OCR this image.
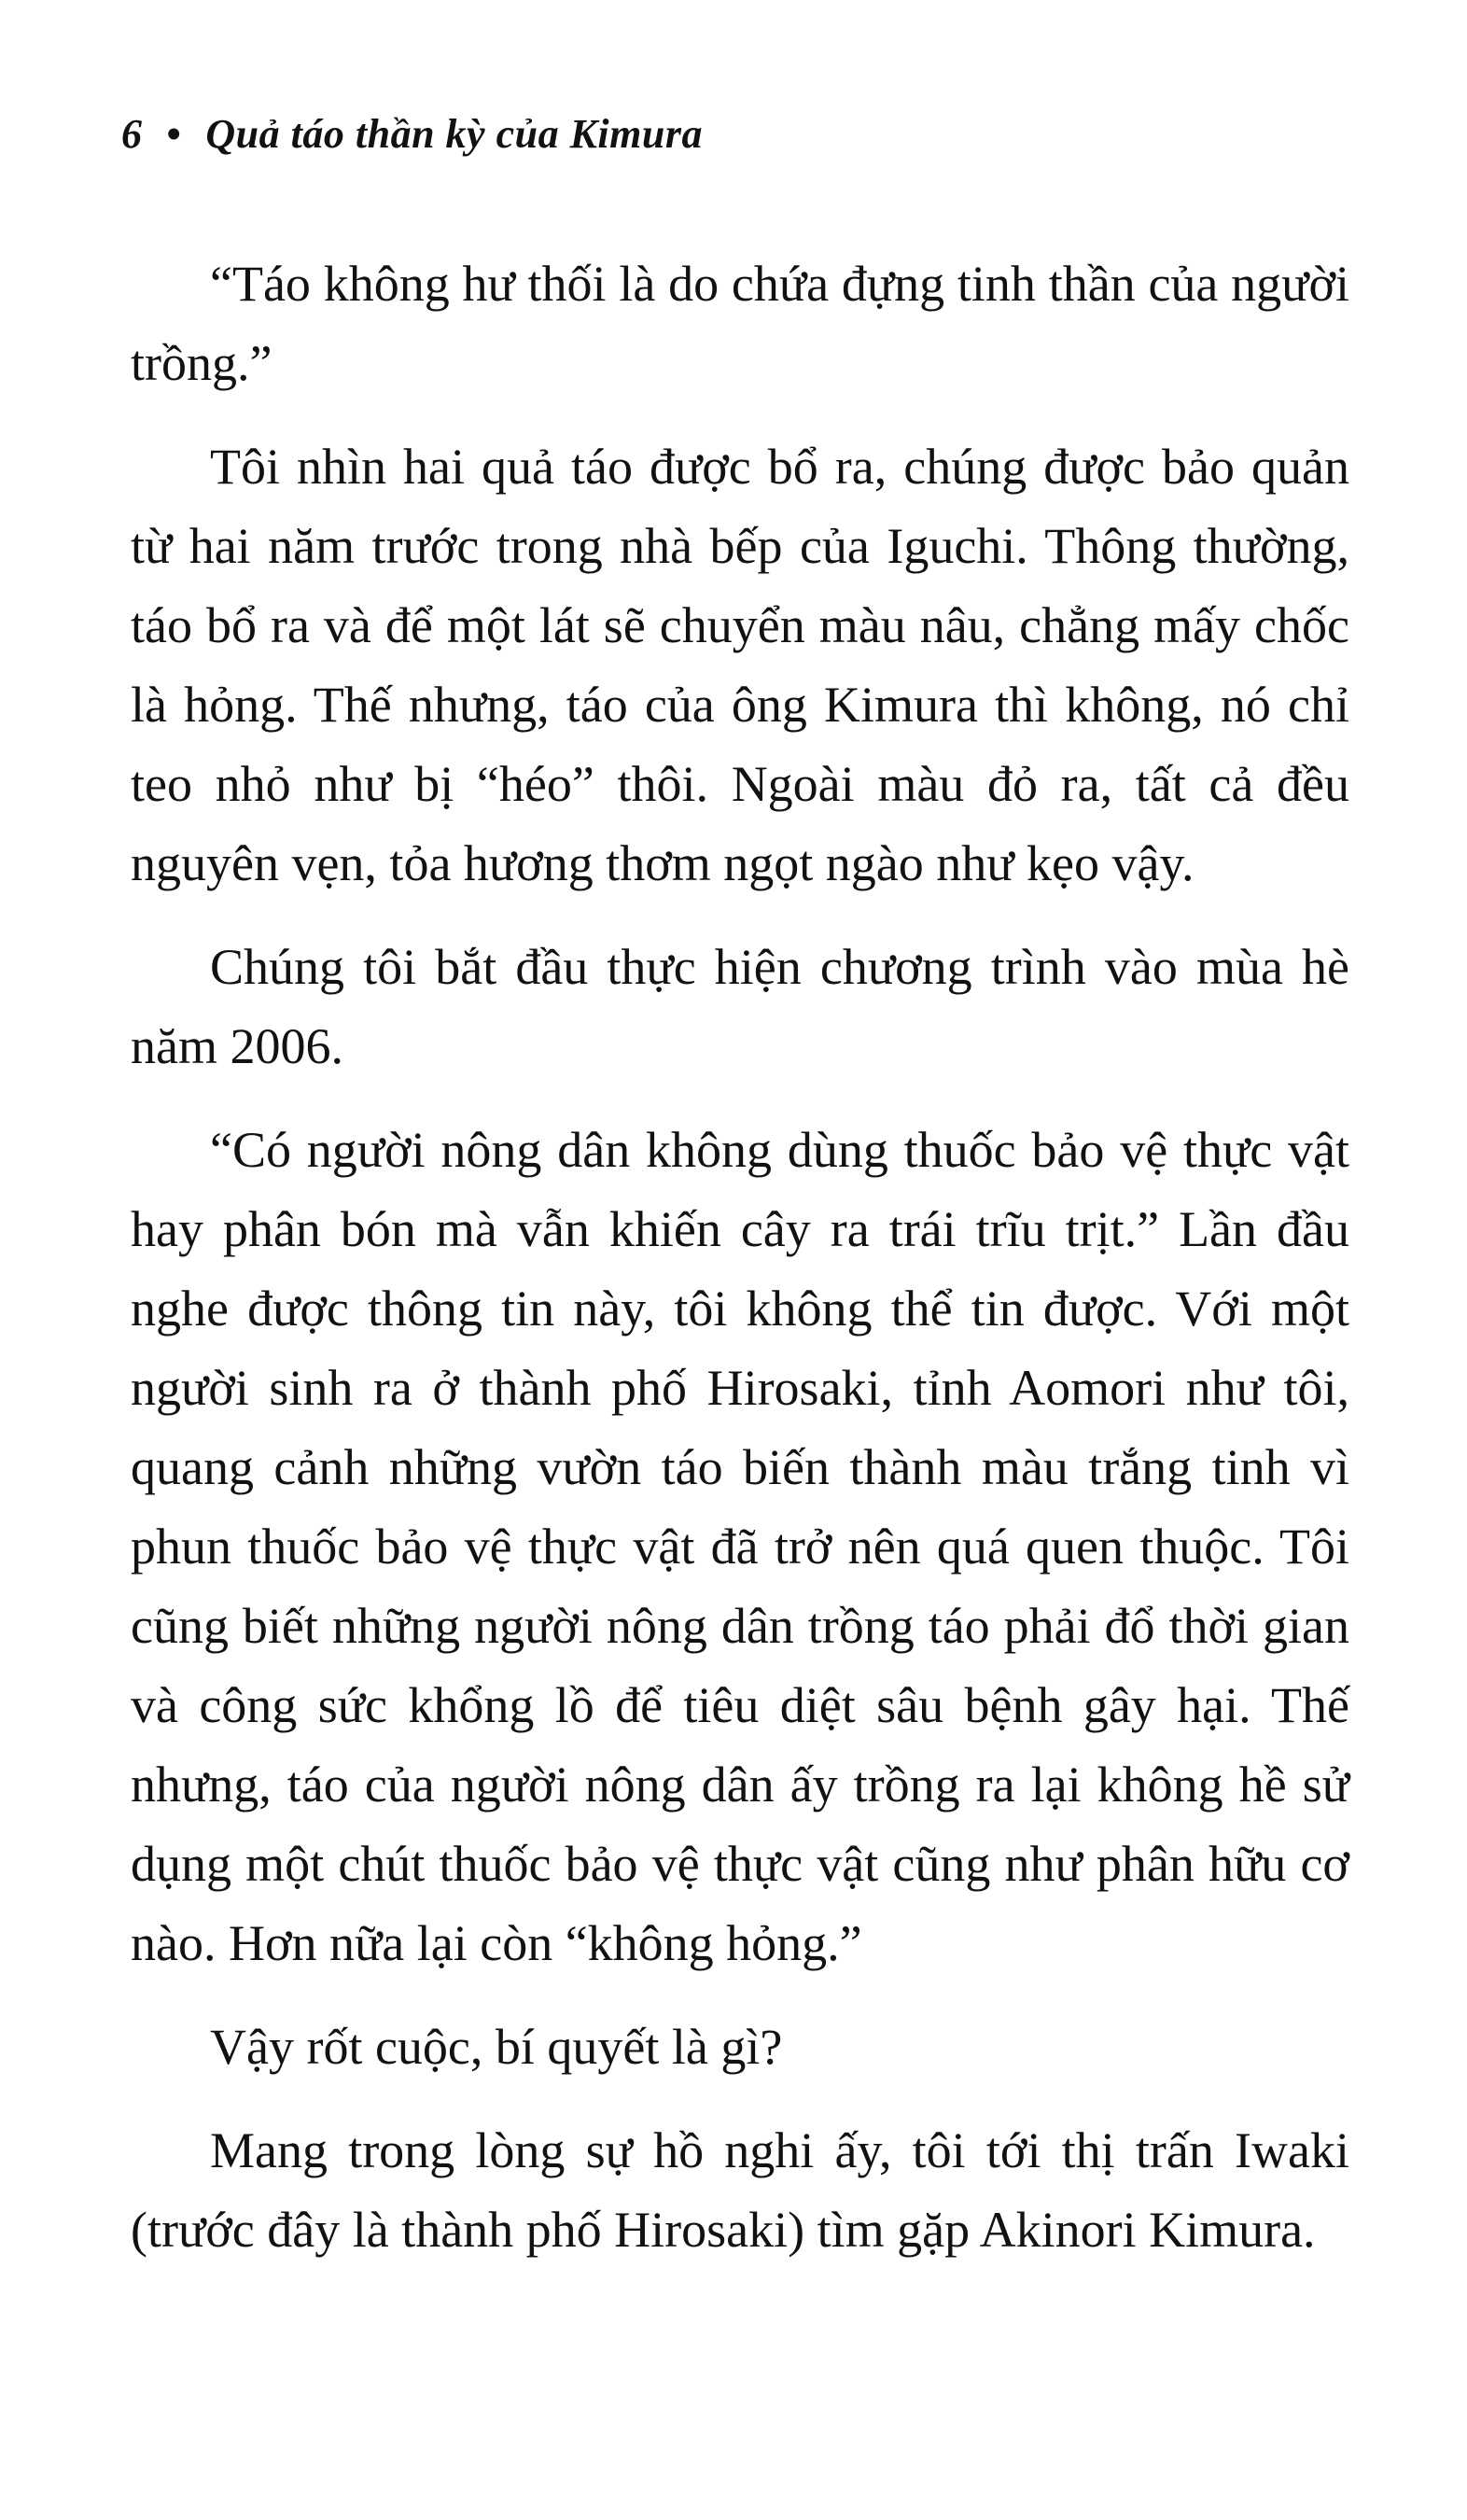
6 • Quả táo thần kỳ của Kimura

“Táo không hư thối là do chứa đựng tinh thần của người trồng.”

Tôi nhìn hai quả táo được bổ ra, chúng được bảo quản từ hai năm trước trong nhà bếp của Iguchi. Thông thường, táo bổ ra và để một lát sẽ chuyển màu nâu, chẳng mấy chốc là hỏng. Thế nhưng, táo của ông Kimura thì không, nó chỉ teo nhỏ như bị “héo” thôi. Ngoài màu đỏ ra, tất cả đều nguyên vẹn, tỏa hương thơm ngọt ngào như kẹo vậy.

Chúng tôi bắt đầu thực hiện chương trình vào mùa hè năm 2006.

“Có người nông dân không dùng thuốc bảo vệ thực vật hay phân bón mà vẫn khiến cây ra trái trĩu trịt.” Lần đầu nghe được thông tin này, tôi không thể tin được. Với một người sinh ra ở thành phố Hirosaki, tỉnh Aomori như tôi, quang cảnh những vườn táo biến thành màu trắng tinh vì phun thuốc bảo vệ thực vật đã trở nên quá quen thuộc. Tôi cũng biết những người nông dân trồng táo phải đổ thời gian và công sức khổng lồ để tiêu diệt sâu bệnh gây hại. Thế nhưng, táo của người nông dân ấy trồng ra lại không hề sử dụng một chút thuốc bảo vệ thực vật cũng như phân hữu cơ nào. Hơn nữa lại còn “không hỏng.”

Vậy rốt cuộc, bí quyết là gì?

Mang trong lòng sự hồ nghi ấy, tôi tới thị trấn Iwaki (trước đây là thành phố Hirosaki) tìm gặp Akinori Kimura.
